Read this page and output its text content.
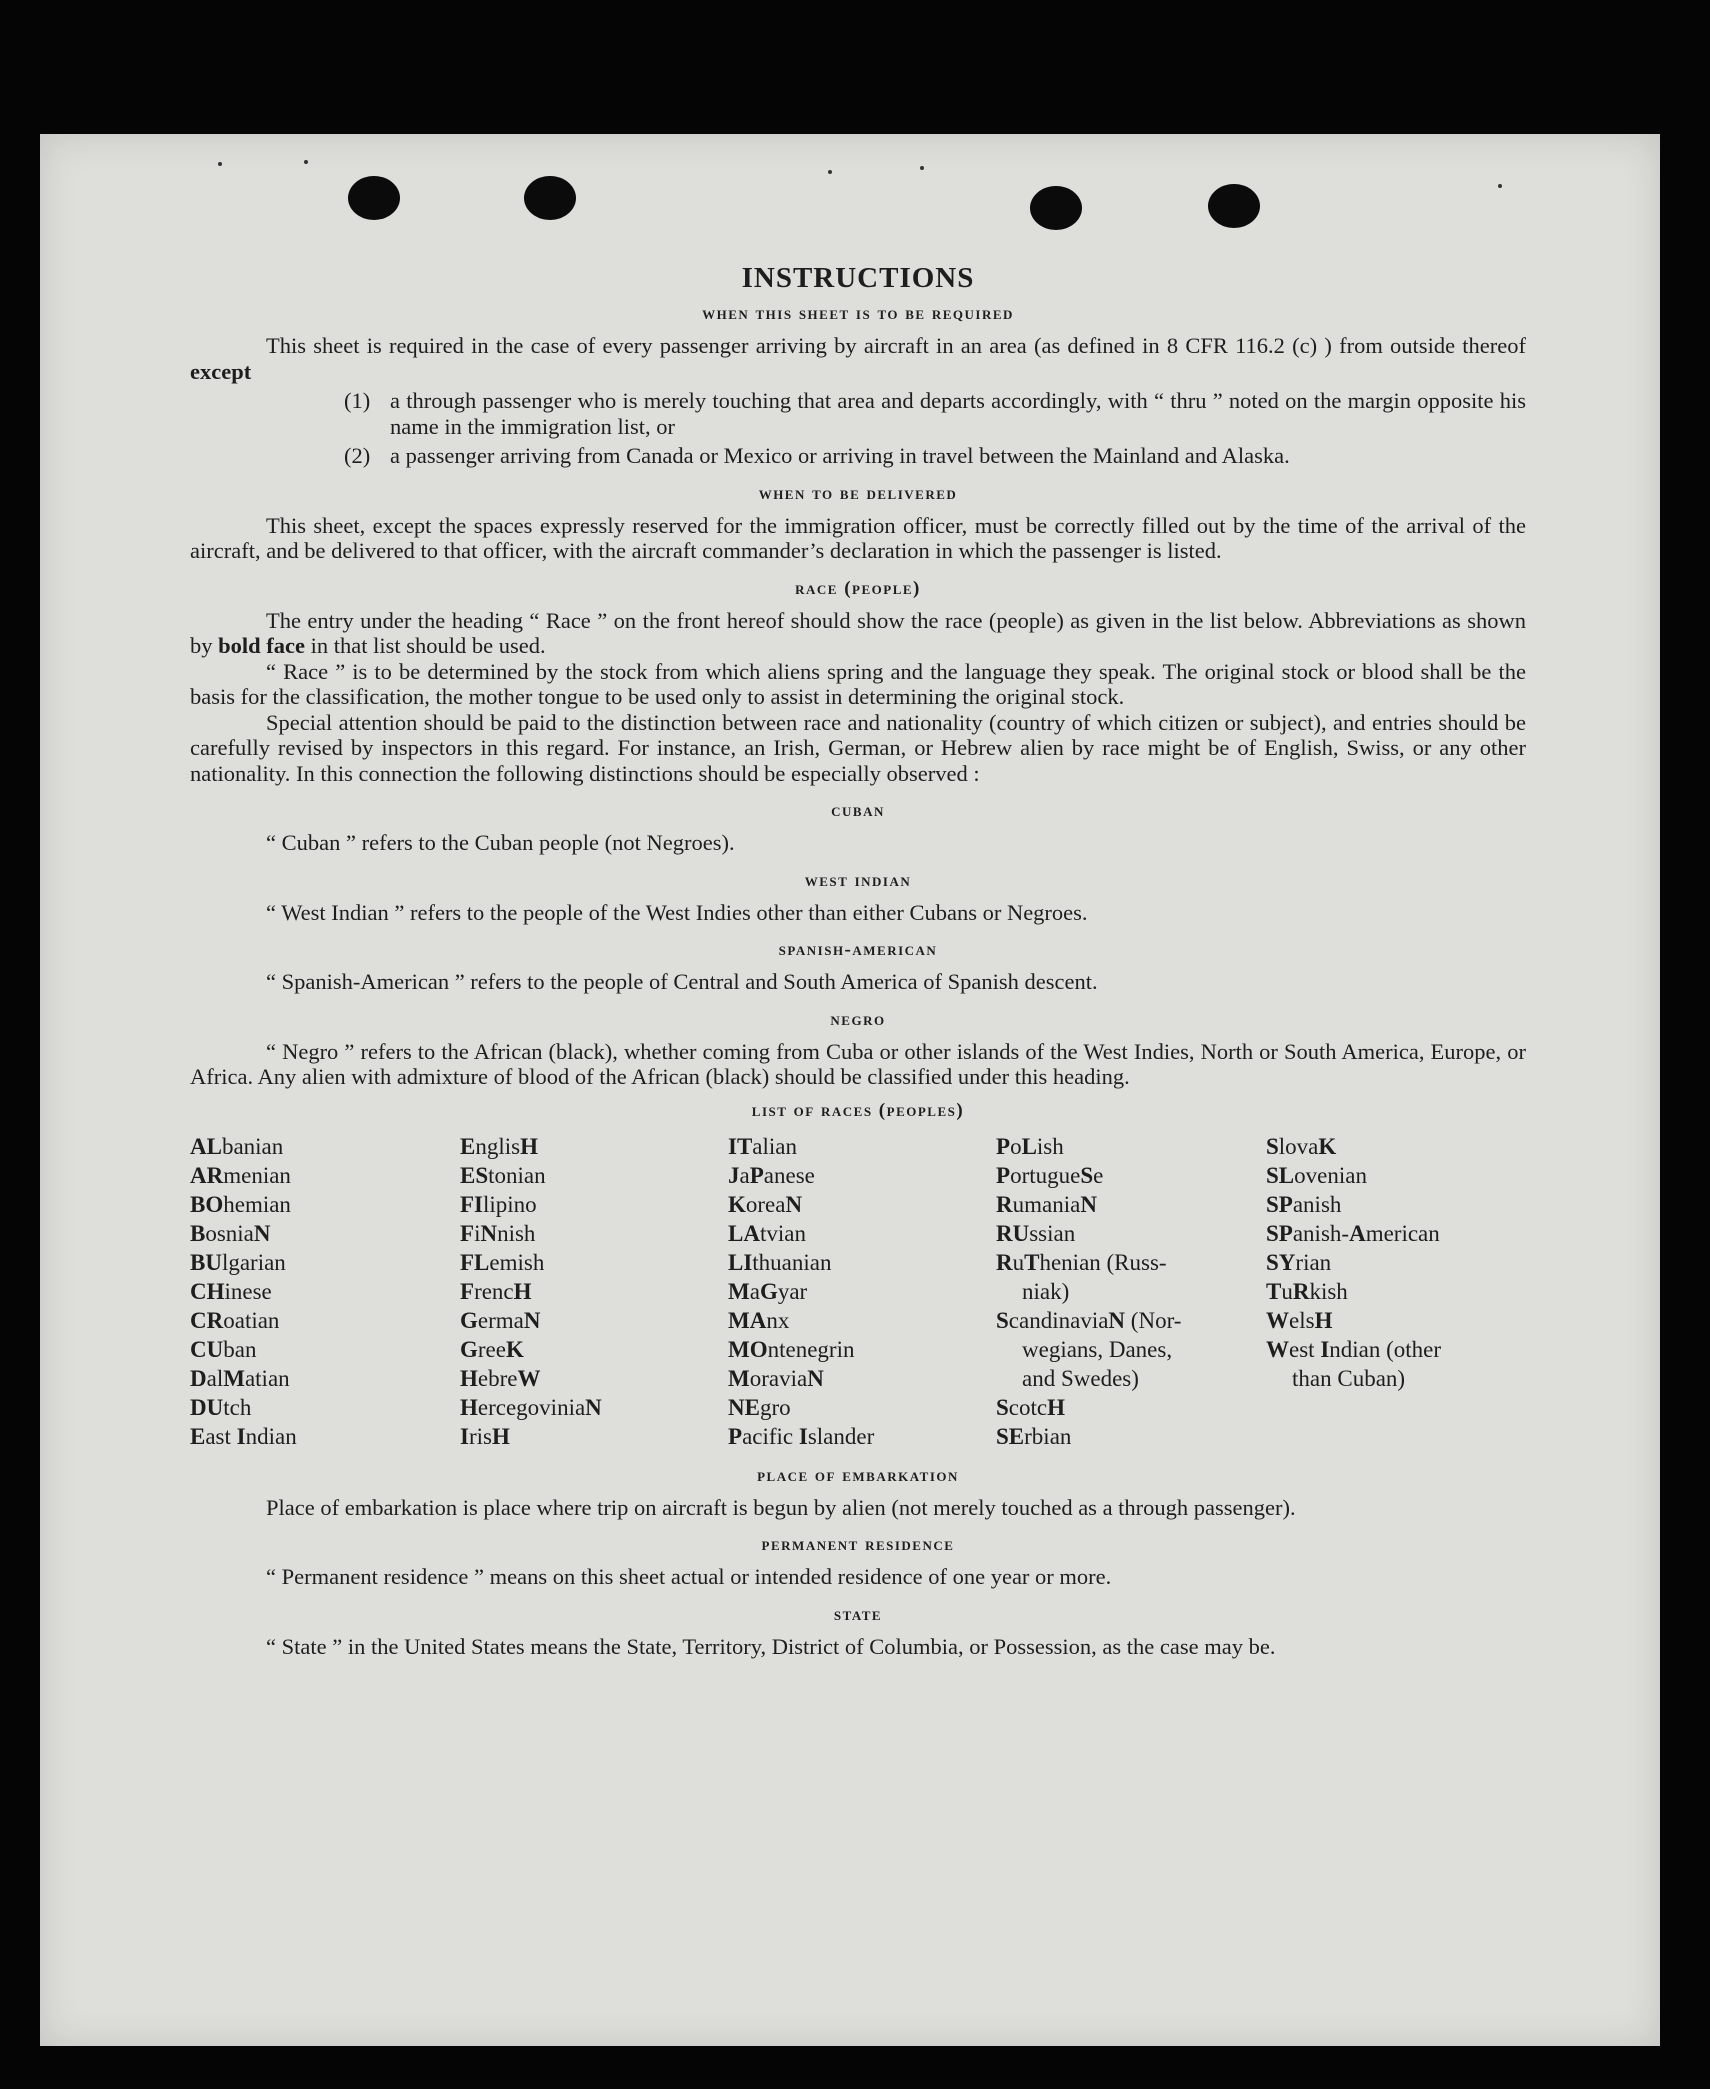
INSTRUCTIONS
when this sheet is to be required

This sheet is required in the case of every passenger arriving by aircraft in an area (as defined in 8 CFR 116.2 (c) ) from outside thereof except

(1) a through passenger who is merely touching that area and departs accordingly, with “ thru ” noted on the margin opposite his name in the immigration list, or
(2) a passenger arriving from Canada or Mexico or arriving in travel between the Mainland and Alaska.
when to be delivered

This sheet, except the spaces expressly reserved for the immigration officer, must be correctly filled out by the time of the arrival of the aircraft, and be delivered to that officer, with the aircraft commander’s declaration in which the passenger is listed.

race (people)

The entry under the heading “ Race ” on the front hereof should show the race (people) as given in the list below. Abbreviations as shown by bold face in that list should be used.

“ Race ” is to be determined by the stock from which aliens spring and the language they speak. The original stock or blood shall be the basis for the classification, the mother tongue to be used only to assist in determining the original stock.

Special attention should be paid to the distinction between race and nationality (country of which citizen or subject), and entries should be carefully revised by inspectors in this regard. For instance, an Irish, German, or Hebrew alien by race might be of English, Swiss, or any other nationality. In this connection the following distinctions should be especially observed :

cuban

“ Cuban ” refers to the Cuban people (not Negroes).

west indian

“ West Indian ” refers to the people of the West Indies other than either Cubans or Negroes.

spanish-american

“ Spanish-American ” refers to the people of Central and South America of Spanish descent.

negro

“ Negro ” refers to the African (black), whether coming from Cuba or other islands of the West Indies, North or South America, Europe, or Africa. Any alien with admixture of blood of the African (black) should be classified under this heading.

list of races (peoples)
ALbanian
ARmenian
BOhemian
BosniaN
BUlgarian
CHinese
CRoatian
CUban
DalMatian
DUtch
East Indian
EnglisH
EStonian
FIlipino
FiNnish
FLemish
FrencH
GermaN
GreeK
HebreW
HercegoviniaN
IrisH
ITalian
JaPanese
KoreaN
LAtvian
LIthuanian
MaGyar
MAnx
MOntenegrin
MoraviaN
NEgro
Pacific Islander
PoLish
PortugueSe
RumaniaN
RUssian
RuThenian (Russ-
niak)
ScandinaviaN (Nor-
wegians, Danes,
and Swedes)
ScotcH
SErbian
SlovaK
SLovenian
SPanish
SPanish-American
SYrian
TuRkish
WelsH
West Indian (other
than Cuban)
place of embarkation

Place of embarkation is place where trip on aircraft is begun by alien (not merely touched as a through passenger).

permanent residence

“ Permanent residence ” means on this sheet actual or intended residence of one year or more.

state

“ State ” in the United States means the State, Territory, District of Columbia, or Possession, as the case may be.
